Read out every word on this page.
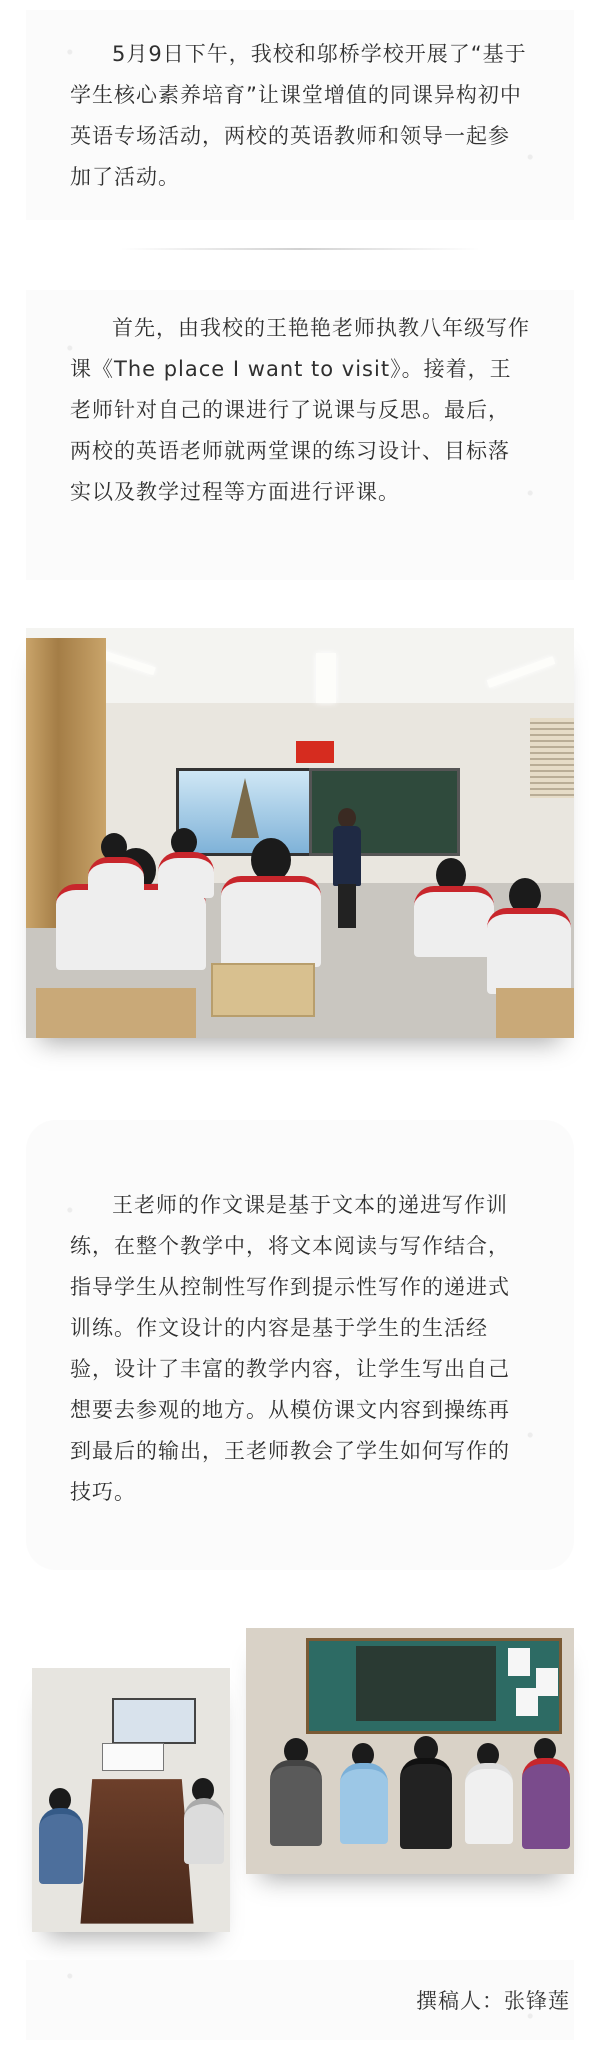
5月9日下午，我校和邬桥学校开展了“基于学生核心素养培育”让课堂增值的同课异构初中英语专场活动，两校的英语教师和领导一起参加了活动。
首先，由我校的王艳艳老师执教八年级写作课《The place I want to visit》。接着，王老师针对自己的课进行了说课与反思。最后，两校的英语老师就两堂课的练习设计、目标落实以及教学过程等方面进行评课。
王老师的作文课是基于文本的递进写作训练，在整个教学中，将文本阅读与写作结合，指导学生从控制性写作到提示性写作的递进式训练。作文设计的内容是基于学生的生活经验，设计了丰富的教学内容，让学生写出自己想要去参观的地方。从模仿课文内容到操练再到最后的输出，王老师教会了学生如何写作的技巧。
撰稿人：张锋莲
